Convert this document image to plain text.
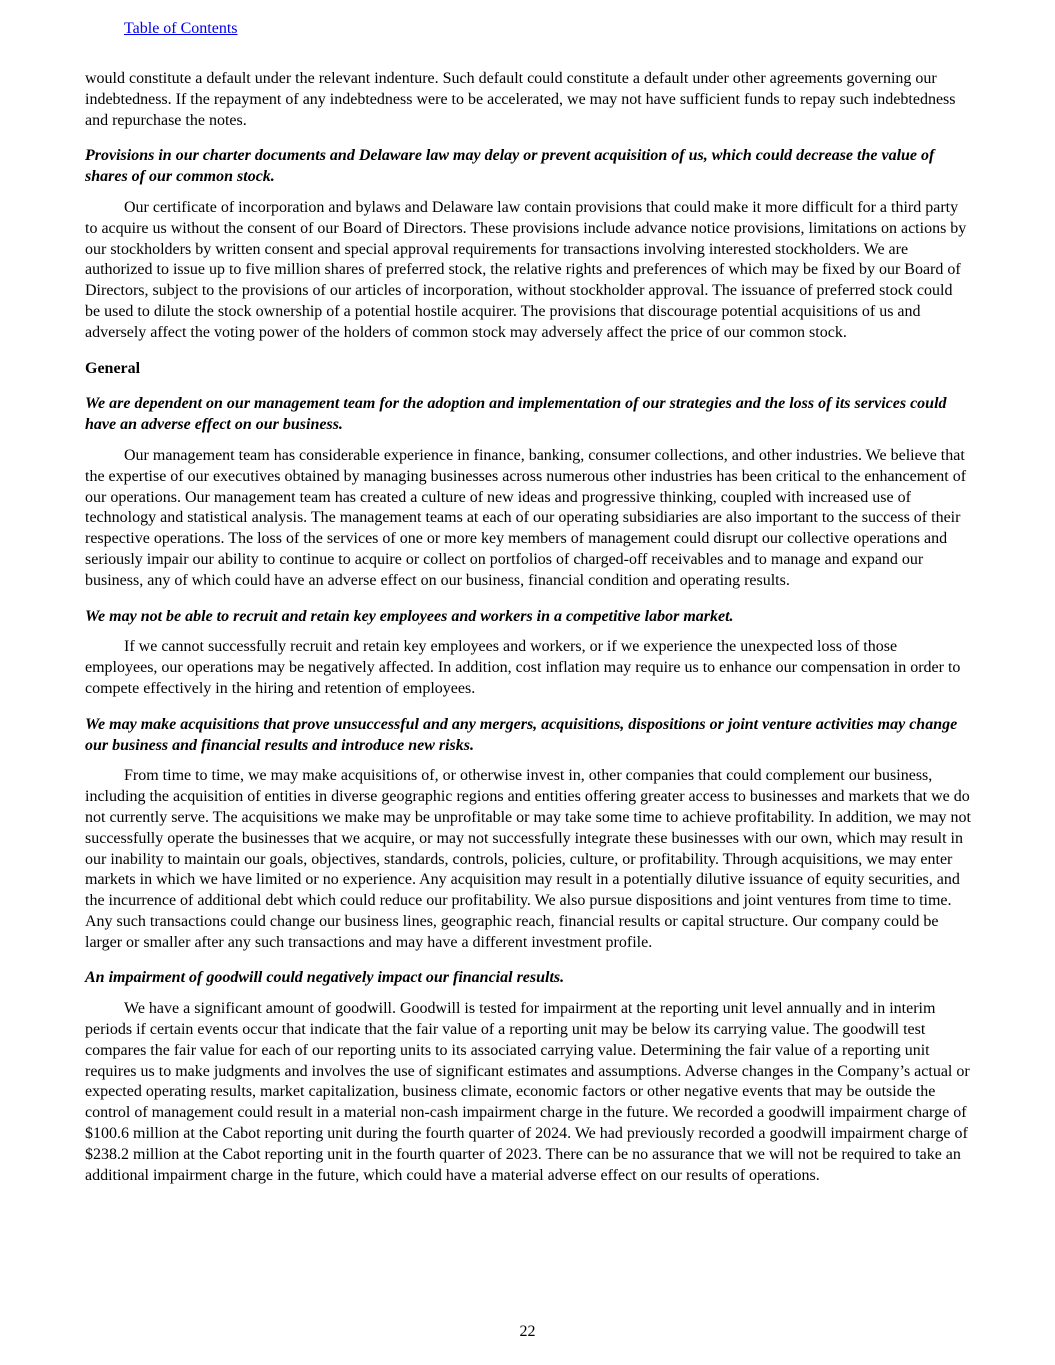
Table of Contents

would constitute a default under the relevant indenture. Such default could constitute a default under other agreements governing our indebtedness. If the repayment of any indebtedness were to be accelerated, we may not have sufficient funds to repay such indebtedness and repurchase the notes.

Provisions in our charter documents and Delaware law may delay or prevent acquisition of us, which could decrease the value of shares of our common stock.

Our certificate of incorporation and bylaws and Delaware law contain provisions that could make it more difficult for a third party to acquire us without the consent of our Board of Directors. These provisions include advance notice provisions, limitations on actions by our stockholders by written consent and special approval requirements for transactions involving interested stockholders. We are authorized to issue up to five million shares of preferred stock, the relative rights and preferences of which may be fixed by our Board of Directors, subject to the provisions of our articles of incorporation, without stockholder approval. The issuance of preferred stock could be used to dilute the stock ownership of a potential hostile acquirer. The provisions that discourage potential acquisitions of us and adversely affect the voting power of the holders of common stock may adversely affect the price of our common stock.

General

We are dependent on our management team for the adoption and implementation of our strategies and the loss of its services could have an adverse effect on our business.

Our management team has considerable experience in finance, banking, consumer collections, and other industries. We believe that the expertise of our executives obtained by managing businesses across numerous other industries has been critical to the enhancement of our operations. Our management team has created a culture of new ideas and progressive thinking, coupled with increased use of technology and statistical analysis. The management teams at each of our operating subsidiaries are also important to the success of their respective operations. The loss of the services of one or more key members of management could disrupt our collective operations and seriously impair our ability to continue to acquire or collect on portfolios of charged-off receivables and to manage and expand our business, any of which could have an adverse effect on our business, financial condition and operating results.

We may not be able to recruit and retain key employees and workers in a competitive labor market.

If we cannot successfully recruit and retain key employees and workers, or if we experience the unexpected loss of those employees, our operations may be negatively affected. In addition, cost inflation may require us to enhance our compensation in order to compete effectively in the hiring and retention of employees.

We may make acquisitions that prove unsuccessful and any mergers, acquisitions, dispositions or joint venture activities may change our business and financial results and introduce new risks.

From time to time, we may make acquisitions of, or otherwise invest in, other companies that could complement our business, including the acquisition of entities in diverse geographic regions and entities offering greater access to businesses and markets that we do not currently serve. The acquisitions we make may be unprofitable or may take some time to achieve profitability. In addition, we may not successfully operate the businesses that we acquire, or may not successfully integrate these businesses with our own, which may result in our inability to maintain our goals, objectives, standards, controls, policies, culture, or profitability. Through acquisitions, we may enter markets in which we have limited or no experience. Any acquisition may result in a potentially dilutive issuance of equity securities, and the incurrence of additional debt which could reduce our profitability. We also pursue dispositions and joint ventures from time to time. Any such transactions could change our business lines, geographic reach, financial results or capital structure. Our company could be larger or smaller after any such transactions and may have a different investment profile.

An impairment of goodwill could negatively impact our financial results.

We have a significant amount of goodwill. Goodwill is tested for impairment at the reporting unit level annually and in interim periods if certain events occur that indicate that the fair value of a reporting unit may be below its carrying value. The goodwill test compares the fair value for each of our reporting units to its associated carrying value. Determining the fair value of a reporting unit requires us to make judgments and involves the use of significant estimates and assumptions. Adverse changes in the Company’s actual or expected operating results, market capitalization, business climate, economic factors or other negative events that may be outside the control of management could result in a material non-cash impairment charge in the future. We recorded a goodwill impairment charge of $100.6 million at the Cabot reporting unit during the fourth quarter of 2024. We had previously recorded a goodwill impairment charge of $238.2 million at the Cabot reporting unit in the fourth quarter of 2023. There can be no assurance that we will not be required to take an additional impairment charge in the future, which could have a material adverse effect on our results of operations.

22
